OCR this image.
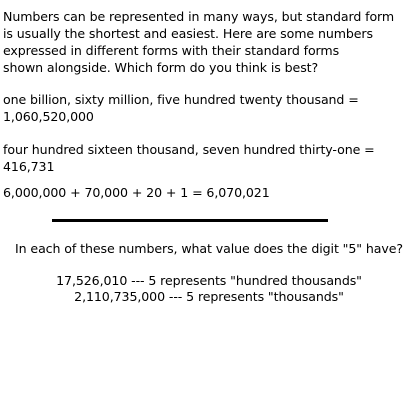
Numbers can be represented in many ways, but standard form
is usually the shortest and easiest. Here are some numbers
expressed in different forms with their standard forms
shown alongside. Which form do you think is best?

one billion, sixty million, five hundred twenty thousand =
1,060,520,000

four hundred sixteen thousand, seven hundred thirty-one =
416,731

6,000,000 + 70,000 + 20 + 1 = 6,070,021

In each of these numbers, what value does the digit "5" have?

17,526,010 --- 5 represents "hundred thousands"
2,110,735,000 --- 5 represents "thousands"
